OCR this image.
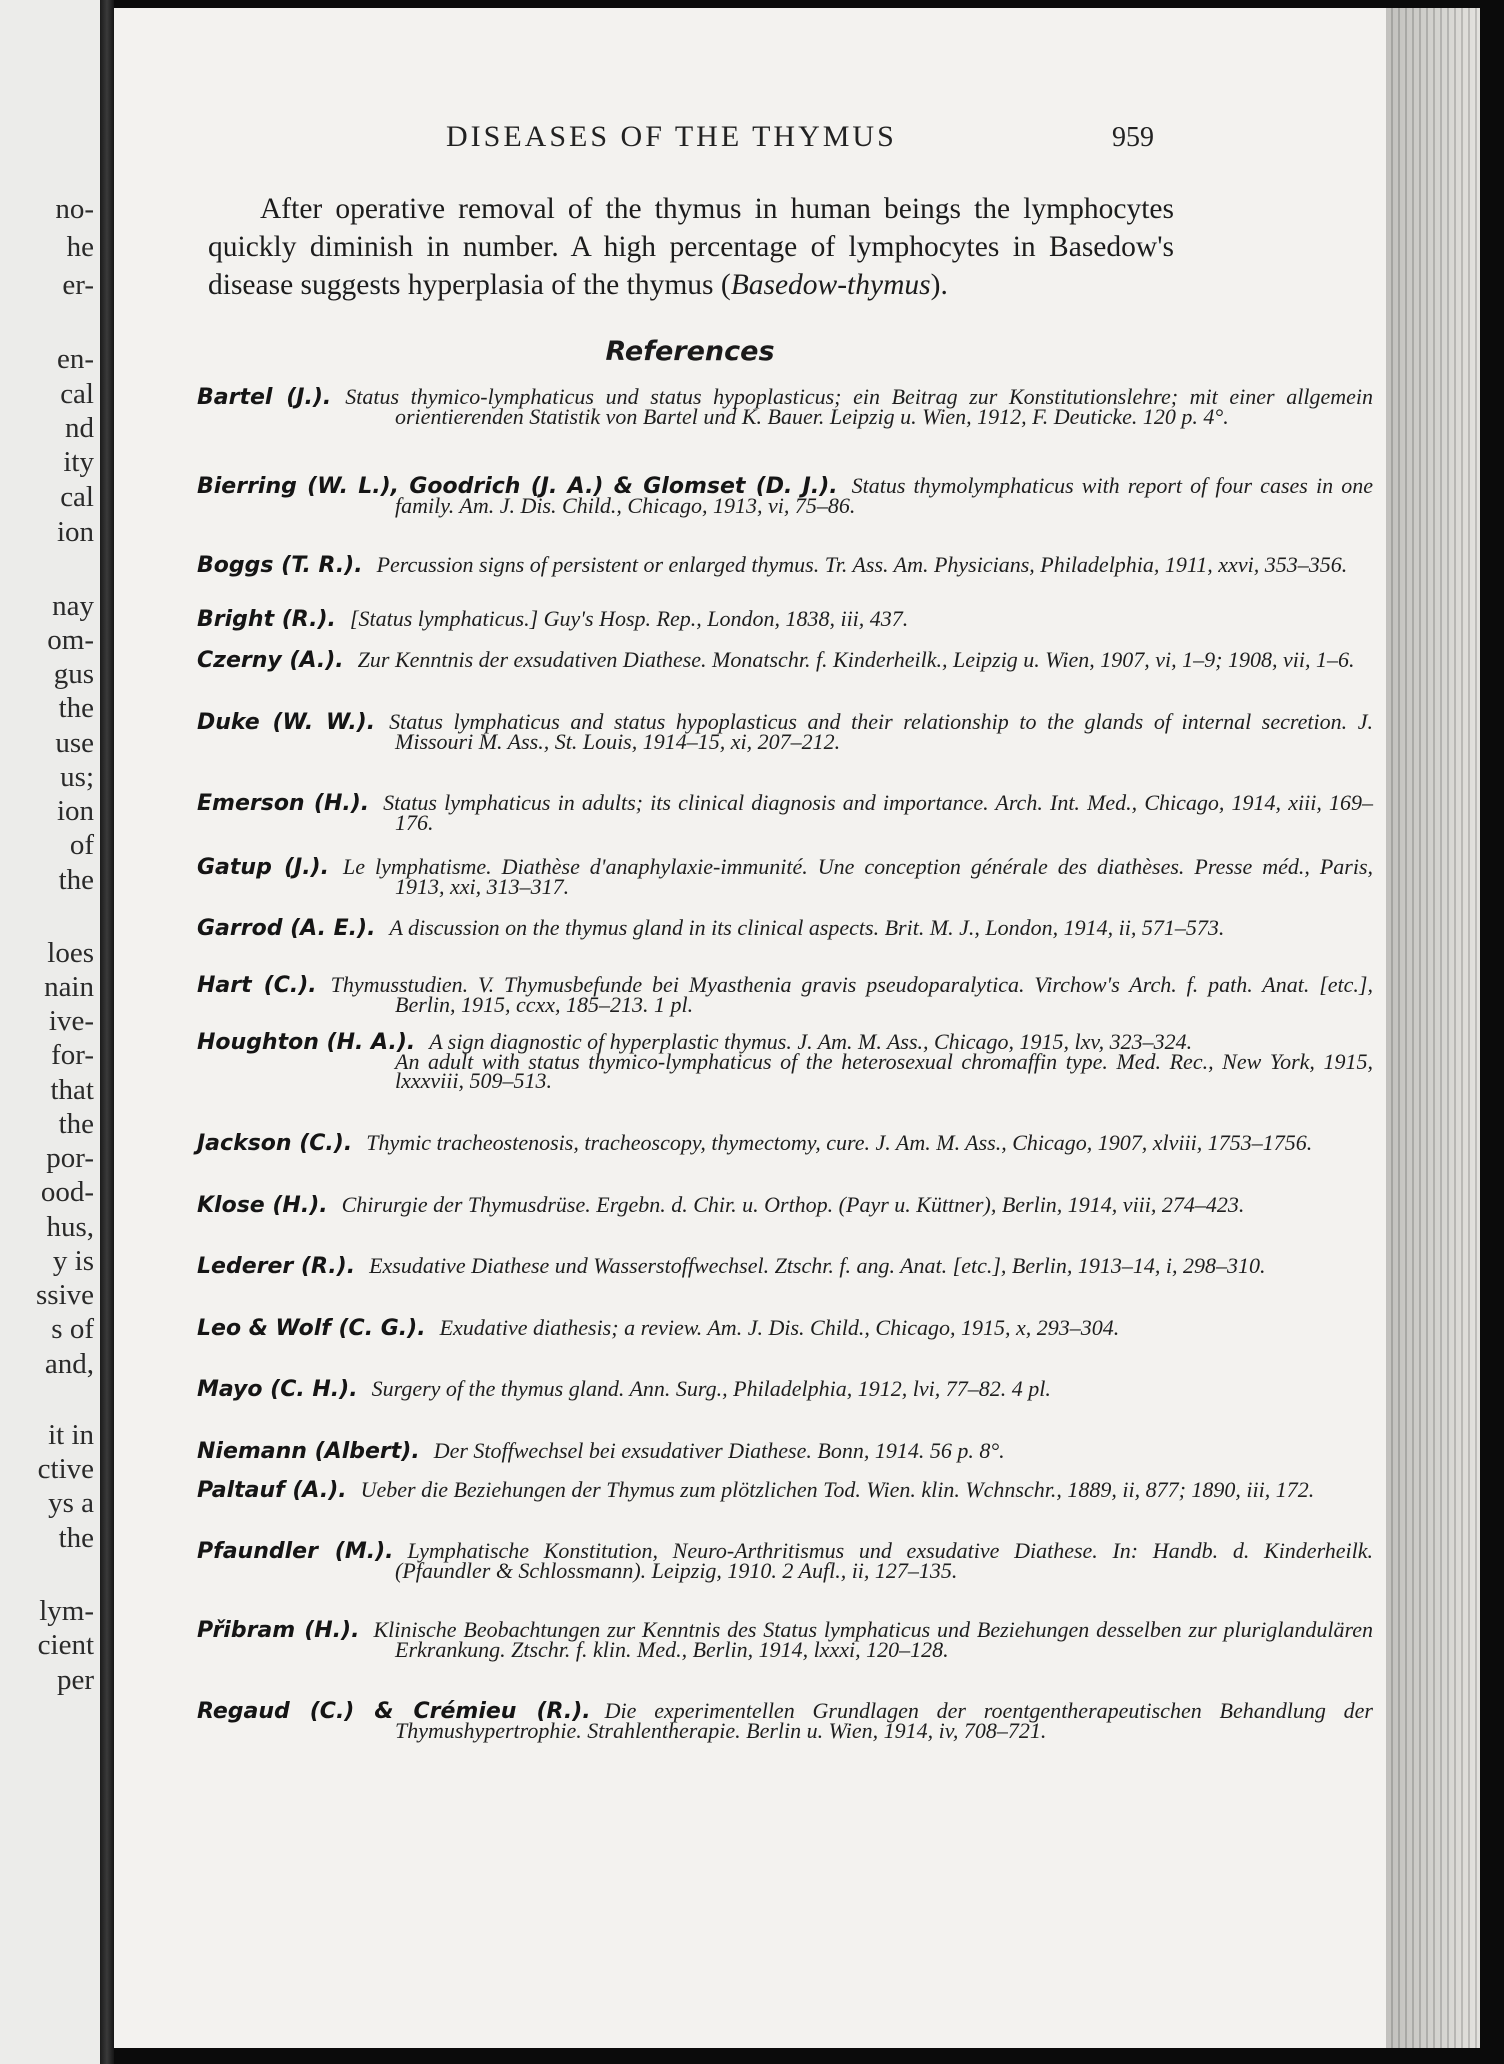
no-
he
er-
en-
cal
nd
ity
cal
ion
nay
om-
gus
the
use
us;
ion
of
the
loes
nain
ive-
for-
that
the
por-
ood-
hus,
y is
ssive
s of
and,
it in
ctive
ys a
the
lym-
cient
per
DISEASES OF THE THYMUS	959

After operative removal of the thymus in human beings the lymphocytes quickly diminish in number. A high percentage of lymphocytes in Basedow's disease suggests hyperplasia of the thymus (Basedow-thymus).

References
Bartel (J.). Status thymico-lymphaticus und status hypoplasticus; ein Beitrag zur Konstitutionslehre; mit einer allgemein orientierenden Statistik von Bartel und K. Bauer. Leipzig u. Wien, 1912, F. Deuticke. 120 p. 4°.
Bierring (W. L.), Goodrich (J. A.) & Glomset (D. J.). Status thymolymphaticus with report of four cases in one family. Am. J. Dis. Child., Chicago, 1913, vi, 75–86.
Boggs (T. R.). Percussion signs of persistent or enlarged thymus. Tr. Ass. Am. Physicians, Philadelphia, 1911, xxvi, 353–356.
Bright (R.). [Status lymphaticus.] Guy's Hosp. Rep., London, 1838, iii, 437.
Czerny (A.). Zur Kenntnis der exsudativen Diathese. Monatschr. f. Kinderheilk., Leipzig u. Wien, 1907, vi, 1–9; 1908, vii, 1–6.
Duke (W. W.). Status lymphaticus and status hypoplasticus and their relationship to the glands of internal secretion. J. Missouri M. Ass., St. Louis, 1914–15, xi, 207–212.
Emerson (H.). Status lymphaticus in adults; its clinical diagnosis and importance. Arch. Int. Med., Chicago, 1914, xiii, 169–176.
Gatup (J.). Le lymphatisme. Diathèse d'anaphylaxie-immunité. Une conception générale des diathèses. Presse méd., Paris, 1913, xxi, 313–317.
Garrod (A. E.). A discussion on the thymus gland in its clinical aspects. Brit. M. J., London, 1914, ii, 571–573.
Hart (C.). Thymusstudien. V. Thymusbefunde bei Myasthenia gravis pseudoparalytica. Virchow's Arch. f. path. Anat. [etc.], Berlin, 1915, ccxx, 185–213. 1 pl.
Houghton (H. A.). A sign diagnostic of hyperplastic thymus. J. Am. M. Ass., Chicago, 1915, lxv, 323–324.
An adult with status thymico-lymphaticus of the heterosexual chromaffin type. Med. Rec., New York, 1915, lxxxviii, 509–513.
Jackson (C.). Thymic tracheostenosis, tracheoscopy, thymectomy, cure. J. Am. M. Ass., Chicago, 1907, xlviii, 1753–1756.
Klose (H.). Chirurgie der Thymusdrüse. Ergebn. d. Chir. u. Orthop. (Payr u. Küttner), Berlin, 1914, viii, 274–423.
Lederer (R.). Exsudative Diathese und Wasserstoffwechsel. Ztschr. f. ang. Anat. [etc.], Berlin, 1913–14, i, 298–310.
Leo & Wolf (C. G.). Exudative diathesis; a review. Am. J. Dis. Child., Chicago, 1915, x, 293–304.
Mayo (C. H.). Surgery of the thymus gland. Ann. Surg., Philadelphia, 1912, lvi, 77–82. 4 pl.
Niemann (Albert). Der Stoffwechsel bei exsudativer Diathese. Bonn, 1914. 56 p. 8°.
Paltauf (A.). Ueber die Beziehungen der Thymus zum plötzlichen Tod. Wien. klin. Wchnschr., 1889, ii, 877; 1890, iii, 172.
Pfaundler (M.). Lymphatische Konstitution, Neuro-Arthritismus und exsudative Diathese. In: Handb. d. Kinderheilk. (Pfaundler & Schlossmann). Leipzig, 1910. 2 Aufl., ii, 127–135.
Přibram (H.). Klinische Beobachtungen zur Kenntnis des Status lymphaticus und Beziehungen desselben zur pluriglandulären Erkrankung. Ztschr. f. klin. Med., Berlin, 1914, lxxxi, 120–128.
Regaud (C.) & Crémieu (R.). Die experimentellen Grundlagen der roentgentherapeutischen Behandlung der Thymushypertrophie. Strahlentherapie. Berlin u. Wien, 1914, iv, 708–721.
